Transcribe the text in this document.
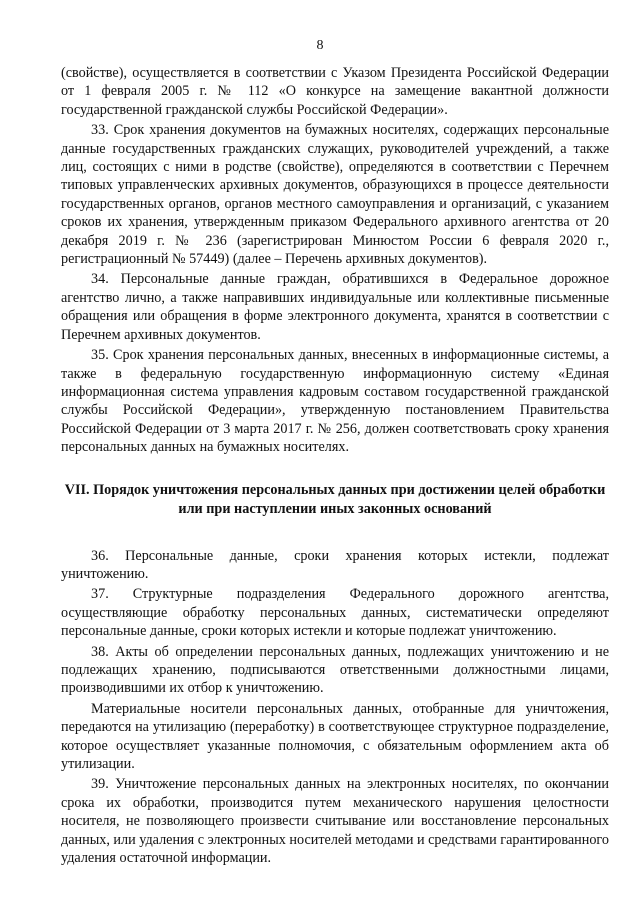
8

(свойстве), осуществляется в соответствии с Указом Президента Российской Федерации от 1 февраля 2005 г. № 112 «О конкурсе на замещение вакантной должности государственной гражданской службы Российской Федерации».

33. Срок хранения документов на бумажных носителях, содержащих персональные данные государственных гражданских служащих, руководителей учреждений, а также лиц, состоящих с ними в родстве (свойстве), определяются в соответствии с Перечнем типовых управленческих архивных документов, образующихся в процессе деятельности государственных органов, органов местного самоуправления и организаций, с указанием сроков их хранения, утвержденным приказом Федерального архивного агентства от 20 декабря 2019 г. № 236 (зарегистрирован Минюстом России 6 февраля 2020 г., регистрационный № 57449) (далее – Перечень архивных документов).

34. Персональные данные граждан, обратившихся в Федеральное дорожное агентство лично, а также направивших индивидуальные или коллективные письменные обращения или обращения в форме электронного документа, хранятся в соответствии с Перечнем архивных документов.

35. Срок хранения персональных данных, внесенных в информационные системы, а также в федеральную государственную информационную систему «Единая информационная система управления кадровым составом государственной гражданской службы Российской Федерации», утвержденную постановлением Правительства Российской Федерации от 3 марта 2017 г. № 256, должен соответствовать сроку хранения персональных данных на бумажных носителях.

VII. Порядок уничтожения персональных данных при достижении целей обработки или при наступлении иных законных оснований

36. Персональные данные, сроки хранения которых истекли, подлежат уничтожению.

37. Структурные подразделения Федерального дорожного агентства, осуществляющие обработку персональных данных, систематически определяют персональные данные, сроки которых истекли и которые подлежат уничтожению.

38. Акты об определении персональных данных, подлежащих уничтожению и не подлежащих хранению, подписываются ответственными должностными лицами, производившими их отбор к уничтожению.

Материальные носители персональных данных, отобранные для уничтожения, передаются на утилизацию (переработку) в соответствующее структурное подразделение, которое осуществляет указанные полномочия, с обязательным оформлением акта об утилизации.

39. Уничтожение персональных данных на электронных носителях, по окончании срока их обработки, производится путем механического нарушения целостности носителя, не позволяющего произвести считывание или восстановление персональных данных, или удаления с электронных носителей методами и средствами гарантированного удаления остаточной информации.
